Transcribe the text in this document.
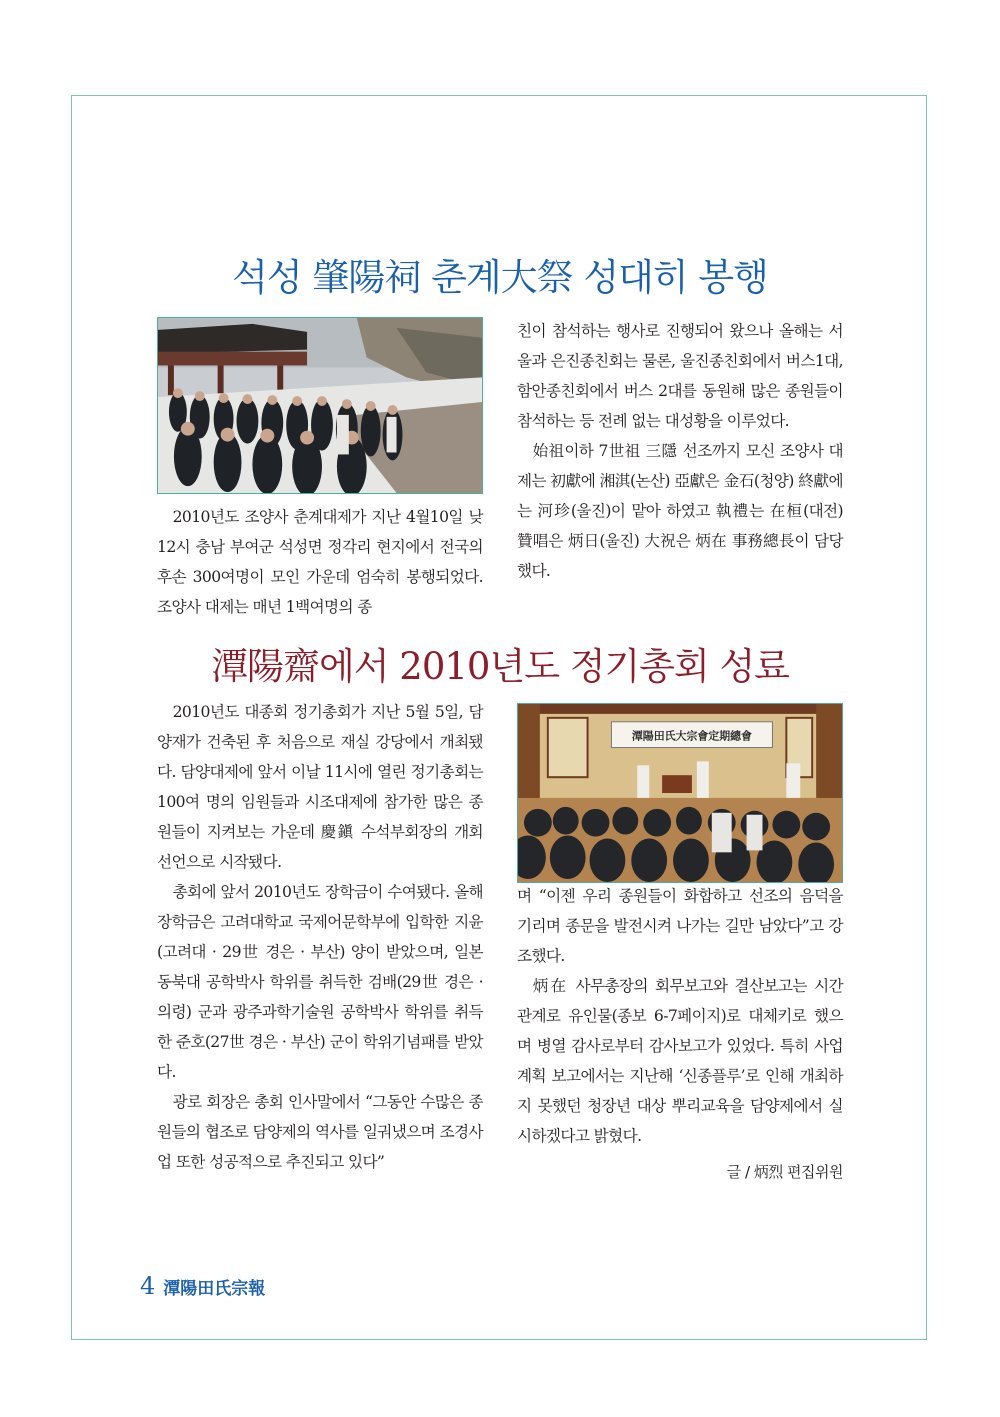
석성 肇陽祠 춘계大祭 성대히 봉행

2010년도 조양사 춘계대제가 지난 4월10일 낮 12시 충남 부여군 석성면 정각리 현지에서 전국의 후손 300여명이 모인 가운데 엄숙히 봉행되었다. 조양사 대제는 매년 1백여명의 종

친이 참석하는 행사로 진행되어 왔으나 올해는 서울과 은진종친회는 물론, 울진종친회에서 버스1대, 함안종친회에서 버스 2대를 동원해 많은 종원들이 참석하는 등 전례 없는 대성황을 이루었다.

始祖이하 7世祖 三隱 선조까지 모신 조양사 대제는 初獻에 湘淇(논산) 亞獻은 金石(청양) 終獻에는 河珍(울진)이 맡아 하였고 執禮는 在桓(대전) 贊唱은 炳日(울진) 大祝은 炳在 事務總長이 담당했다.

潭陽齋에서 2010년도 정기총회 성료

2010년도 대종회 정기총회가 지난 5월 5일, 담양재가 건축된 후 처음으로 재실 강당에서 개최됐다. 담양대제에 앞서 이날 11시에 열린 정기총회는 100여 명의 임원들과 시조대제에 참가한 많은 종원들이 지켜보는 가운데 慶鎭 수석부회장의 개회선언으로 시작됐다.

총회에 앞서 2010년도 장학금이 수여됐다. 올해 장학금은 고려대학교 국제어문학부에 입학한 지윤(고려대 · 29世 경은 · 부산) 양이 받았으며, 일본 동북대 공학박사 학위를 취득한 검배(29世 경은 · 의령) 군과 광주과학기술원 공학박사 학위를 취득한 준호(27世 경은 · 부산) 군이 학위기념패를 받았다.

광로 회장은 총회 인사말에서 “그동안 수많은 종원들의 협조로 담양제의 역사를 일궈냈으며 조경사업 또한 성공적으로 추진되고 있다”

潭陽田氏大宗會定期總會

며 “이젠 우리 종원들이 화합하고 선조의 음덕을 기리며 종문을 발전시켜 나가는 길만 남았다”고 강조했다.

炳在 사무총장의 회무보고와 결산보고는 시간 관계로 유인물(종보 6-7페이지)로 대체키로 했으며 병열 감사로부터 감사보고가 있었다. 특히 사업계획 보고에서는 지난해 ‘신종플루’로 인해 개최하지 못했던 청장년 대상 뿌리교육을 담양제에서 실시하겠다고 밝혔다.

글 / 炳烈 편집위원
4 潭陽田氏宗報
